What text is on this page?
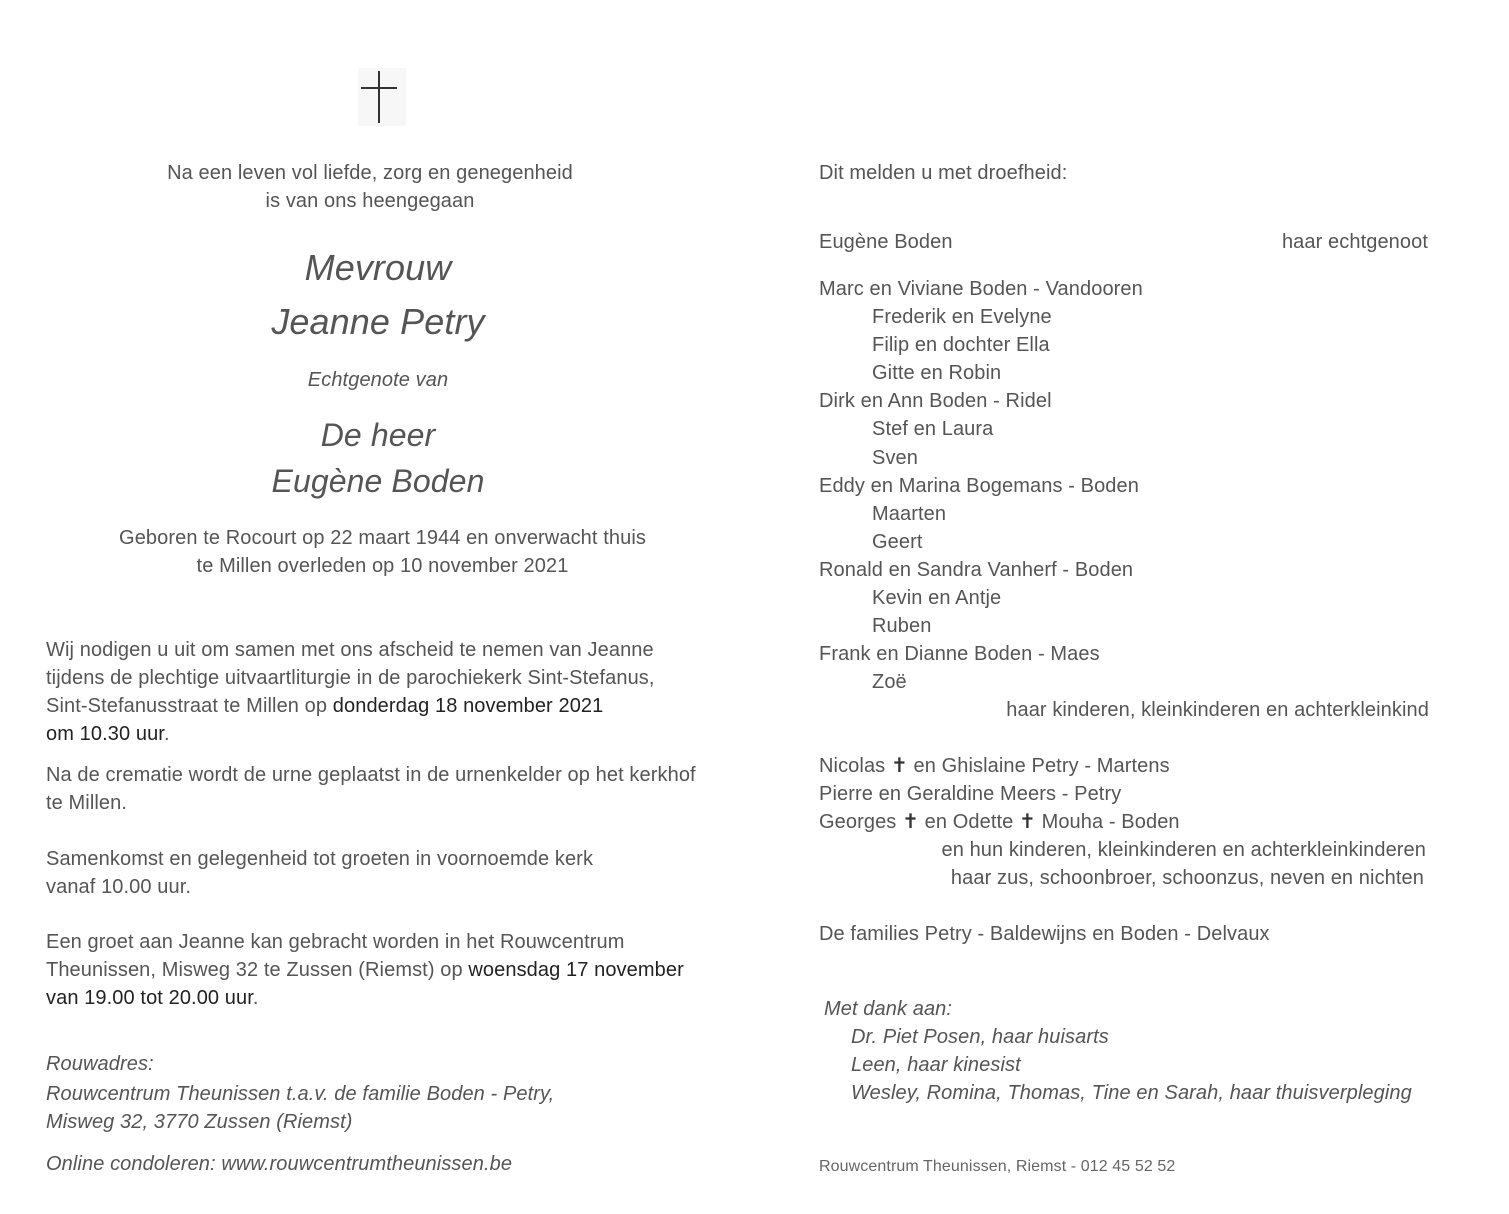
Na een leven vol liefde, zorg en genegenheid
is van ons heengegaan
Mevrouw
Jeanne Petry
Echtgenote van
De heer
Eugène Boden
Geboren te Rocourt op 22 maart 1944 en onverwacht thuis
te Millen overleden op 10 november 2021
Wij nodigen u uit om samen met ons afscheid te nemen van Jeanne
tijdens de plechtige uitvaartliturgie in de parochiekerk Sint-Stefanus,
Sint-Stefanusstraat te Millen op donderdag 18 november 2021
om 10.30 uur.
Na de crematie wordt de urne geplaatst in de urnenkelder op het kerkhof
te Millen.
Samenkomst en gelegenheid tot groeten in voornoemde kerk
vanaf 10.00 uur.
Een groet aan Jeanne kan gebracht worden in het Rouwcentrum
Theunissen, Misweg 32 te Zussen (Riemst) op woensdag 17 november
van 19.00 tot 20.00 uur.
Rouwadres:
Rouwcentrum Theunissen t.a.v. de familie Boden - Petry,
Misweg 32, 3770 Zussen (Riemst)
Online condoleren: www.rouwcentrumtheunissen.be
Dit melden u met droefheid:
Eugène Boden	haar echtgenoot
Marc en Viviane Boden - Vandooren
Frederik en Evelyne
Filip en dochter Ella
Gitte en Robin
Dirk en Ann Boden - Ridel
Stef en Laura
Sven
Eddy en Marina Bogemans - Boden
Maarten
Geert
Ronald en Sandra Vanherf - Boden
Kevin en Antje
Ruben
Frank en Dianne Boden - Maes
Zoë
haar kinderen, kleinkinderen en achterkleinkind
Nicolas ✝ en Ghislaine Petry - Martens
Pierre en Geraldine Meers - Petry
Georges ✝ en Odette ✝ Mouha - Boden
en hun kinderen, kleinkinderen en achterkleinkinderen
haar zus, schoonbroer, schoonzus, neven en nichten
De families Petry - Baldewijns en Boden - Delvaux
Met dank aan:
Dr. Piet Posen, haar huisarts
Leen, haar kinesist
Wesley, Romina, Thomas, Tine en Sarah, haar thuisverpleging
Rouwcentrum Theunissen, Riemst - 012 45 52 52
